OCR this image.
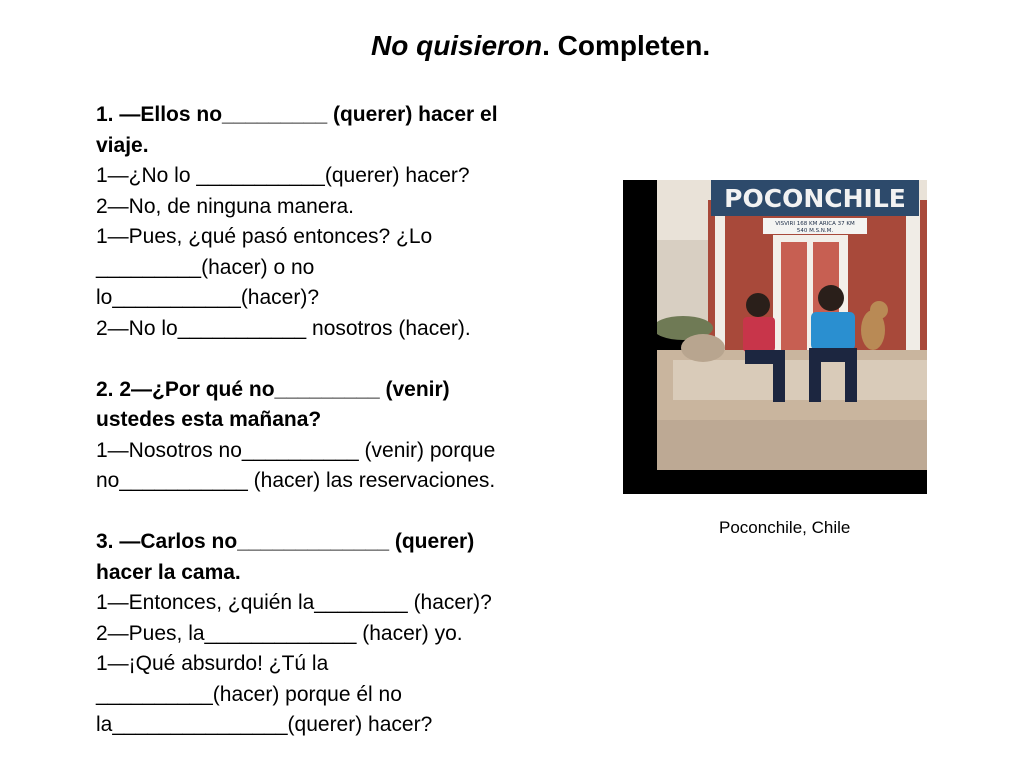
No quisieron. Completen.
1. —Ellos no_________ (querer) hacer el
viaje.
1—¿No lo ___________(querer) hacer?
2—No, de ninguna manera.
1—Pues, ¿qué pasó entonces? ¿Lo
_________(hacer) o no
lo___________(hacer)?
2—No lo___________ nosotros (hacer).
2. 2—¿Por qué no_________ (venir)
ustedes esta mañana?
1—Nosotros no__________ (venir) porque
no___________ (hacer) las reservaciones.
3. —Carlos no_____________ (querer)
hacer la cama.
1—Entonces, ¿quién la________ (hacer)?
2—Pues, la_____________ (hacer) yo.
1—¡Qué absurdo! ¿Tú la
__________(hacer) porque él no
la_______________(querer) hacer?
POCONCHILE
VISVIRI 168 KM ARICA 37 KM
540 M.S.N.M.
Poconchile, Chile
